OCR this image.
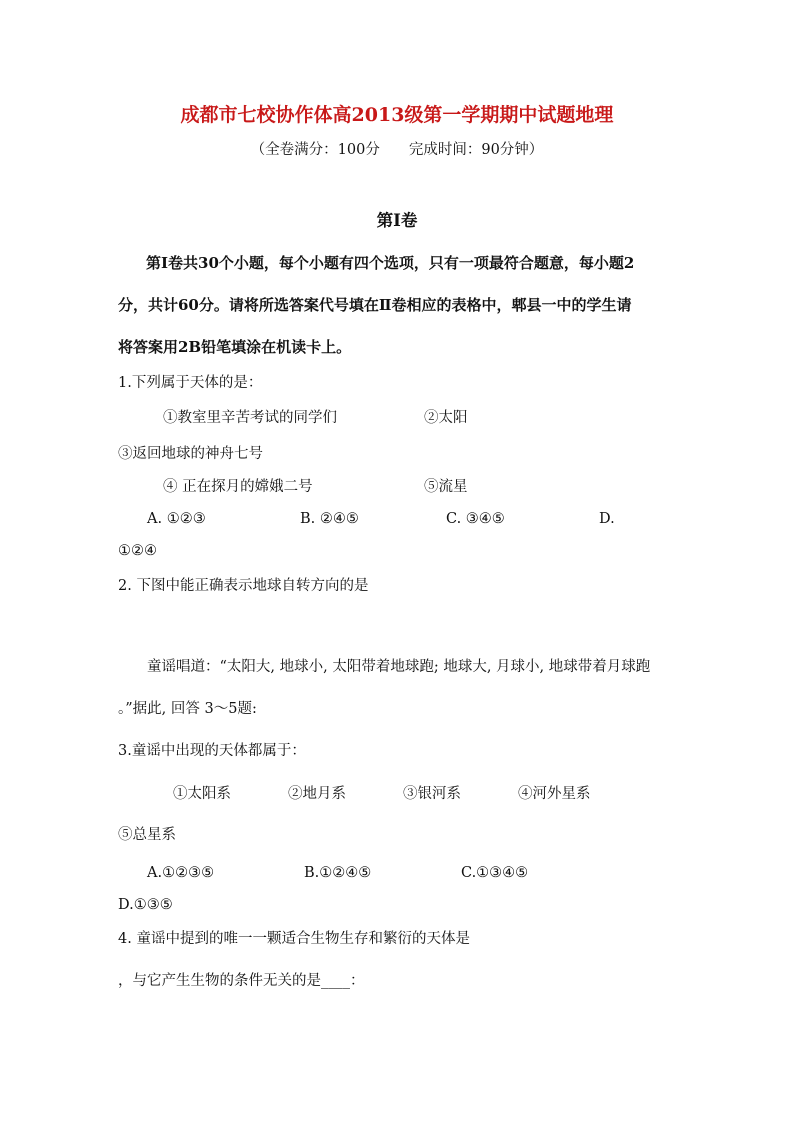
成都市七校协作体高2013级第一学期期中试题地理
（全卷满分：100分　　完成时间：90分钟）
第Ⅰ卷
第Ⅰ卷共30个小题，每个小题有四个选项，只有一项最符合题意，每小题2
分，共计60分。请将所选答案代号填在Ⅱ卷相应的表格中，郫县一中的学生请
将答案用2B铅笔填涂在机读卡上。
1.下列属于天体的是：
①教室里辛苦考试的同学们	②太阳
③返回地球的神舟七号
④ 正在探月的嫦娥二号	⑤流星
A. ①②③	B. ②④⑤	C. ③④⑤	D.
①②④
2. 下图中能正确表示地球自转方向的是
童谣唱道：“太阳大, 地球小, 太阳带着地球跑; 地球大, 月球小, 地球带着月球跑
。”据此, 回答 3～5题:
3.童谣中出现的天体都属于：
①太阳系	②地月系	③银河系	④河外星系
⑤总星系
A.①②③⑤	B.①②④⑤	C.①③④⑤
D.①③⑤
4. 童谣中提到的唯一一颗适合生物生存和繁衍的天体是
，与它产生生物的条件无关的是____：
